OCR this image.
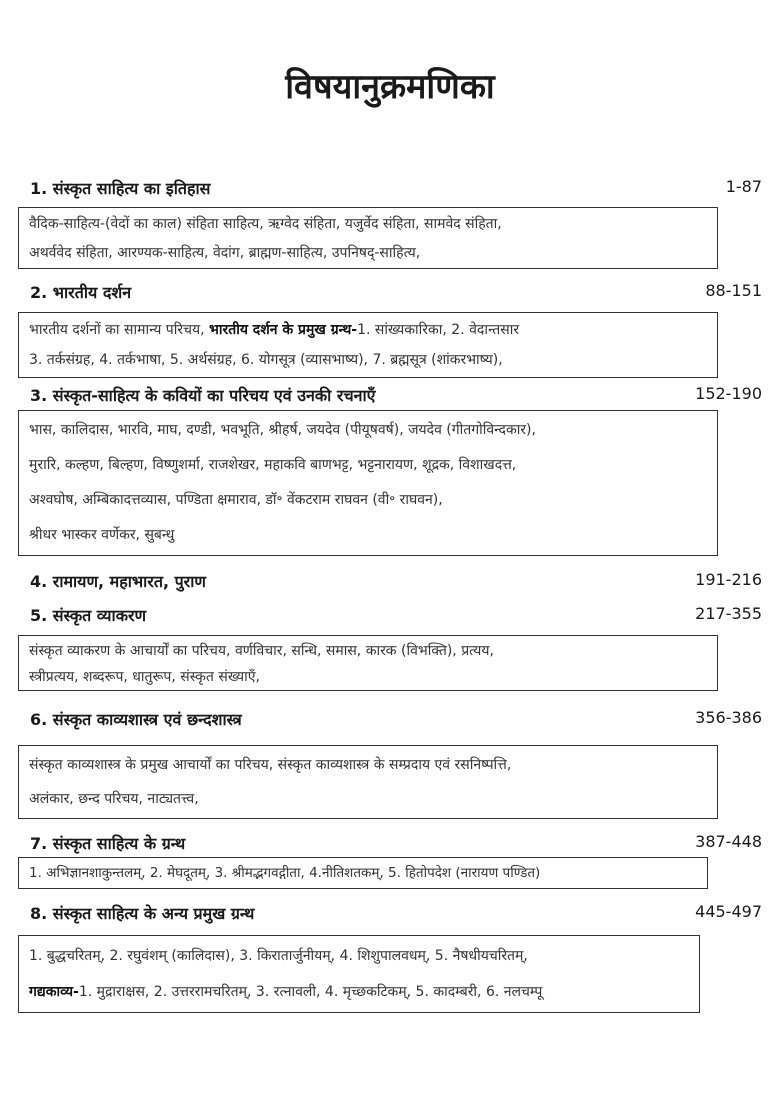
विषयानुक्रमणिका
1. संस्कृत साहित्य का इतिहास	1-87
वैदिक-साहित्य-(वेदों का काल) संहिता साहित्य, ऋग्वेद संहिता, यजुर्वेद संहिता, सामवेद संहिता,
अथर्ववेद संहिता, आरण्यक-साहित्य, वेदांग, ब्राह्मण-साहित्य, उपनिषद्-साहित्य,
2. भारतीय दर्शन	88-151
भारतीय दर्शनों का सामान्य परिचय, भारतीय दर्शन के प्रमुख ग्रन्थ-1. सांख्यकारिका, 2. वेदान्तसार
3. तर्कसंग्रह, 4. तर्कभाषा, 5. अर्थसंग्रह, 6. योगसूत्र (व्यासभाष्य), 7. ब्रह्मसूत्र (शांकरभाष्य),
3. संस्कृत-साहित्य के कवियों का परिचय एवं उनकी रचनाएँ	152-190
भास, कालिदास, भारवि, माघ, दण्डी, भवभूति, श्रीहर्ष, जयदेव (पीयूषवर्ष), जयदेव (गीतगोविन्दकार),
मुरारि, कल्हण, बिल्हण, विष्णुशर्मा, राजशेखर, महाकवि बाणभट्ट, भट्टनारायण, शूद्रक, विशाखदत्त,
अश्वघोष, अम्बिकादत्तव्यास, पण्डिता क्षमाराव, डॉ॰ वेंकटराम राघवन (वी॰ राघवन),
श्रीधर भास्कर वर्णेकर, सुबन्धु
4. रामायण, महाभारत, पुराण	191-216
5. संस्कृत व्याकरण	217-355
संस्कृत व्याकरण के आचार्यों का परिचय, वर्णविचार, सन्धि, समास, कारक (विभक्ति), प्रत्यय,
स्त्रीप्रत्यय, शब्दरूप, धातुरूप, संस्कृत संख्याएँ,
6. संस्कृत काव्यशास्त्र एवं छन्दशास्त्र	356-386
संस्कृत काव्यशास्त्र के प्रमुख आचार्यों का परिचय, संस्कृत काव्यशास्त्र के सम्प्रदाय एवं रसनिष्पत्ति,
अलंकार, छन्द परिचय, नाट्यतत्त्व,
7. संस्कृत साहित्य के ग्रन्थ	387-448
1. अभिज्ञानशाकुन्तलम्, 2. मेघदूतम्, 3. श्रीमद्भगवद्गीता, 4.नीतिशतकम्, 5. हितोपदेश (नारायण पण्डित)
8. संस्कृत साहित्य के अन्य प्रमुख ग्रन्थ	445-497
1. बुद्धचरितम्, 2. रघुवंशम् (कालिदास), 3. किरातार्जुनीयम्, 4. शिशुपालवधम्, 5. नैषधीयचरितम्,
गद्यकाव्य-1. मुद्राराक्षस, 2. उत्तररामचरितम्, 3. रत्नावली, 4. मृच्छकटिकम्, 5. कादम्बरी, 6. नलचम्पू
